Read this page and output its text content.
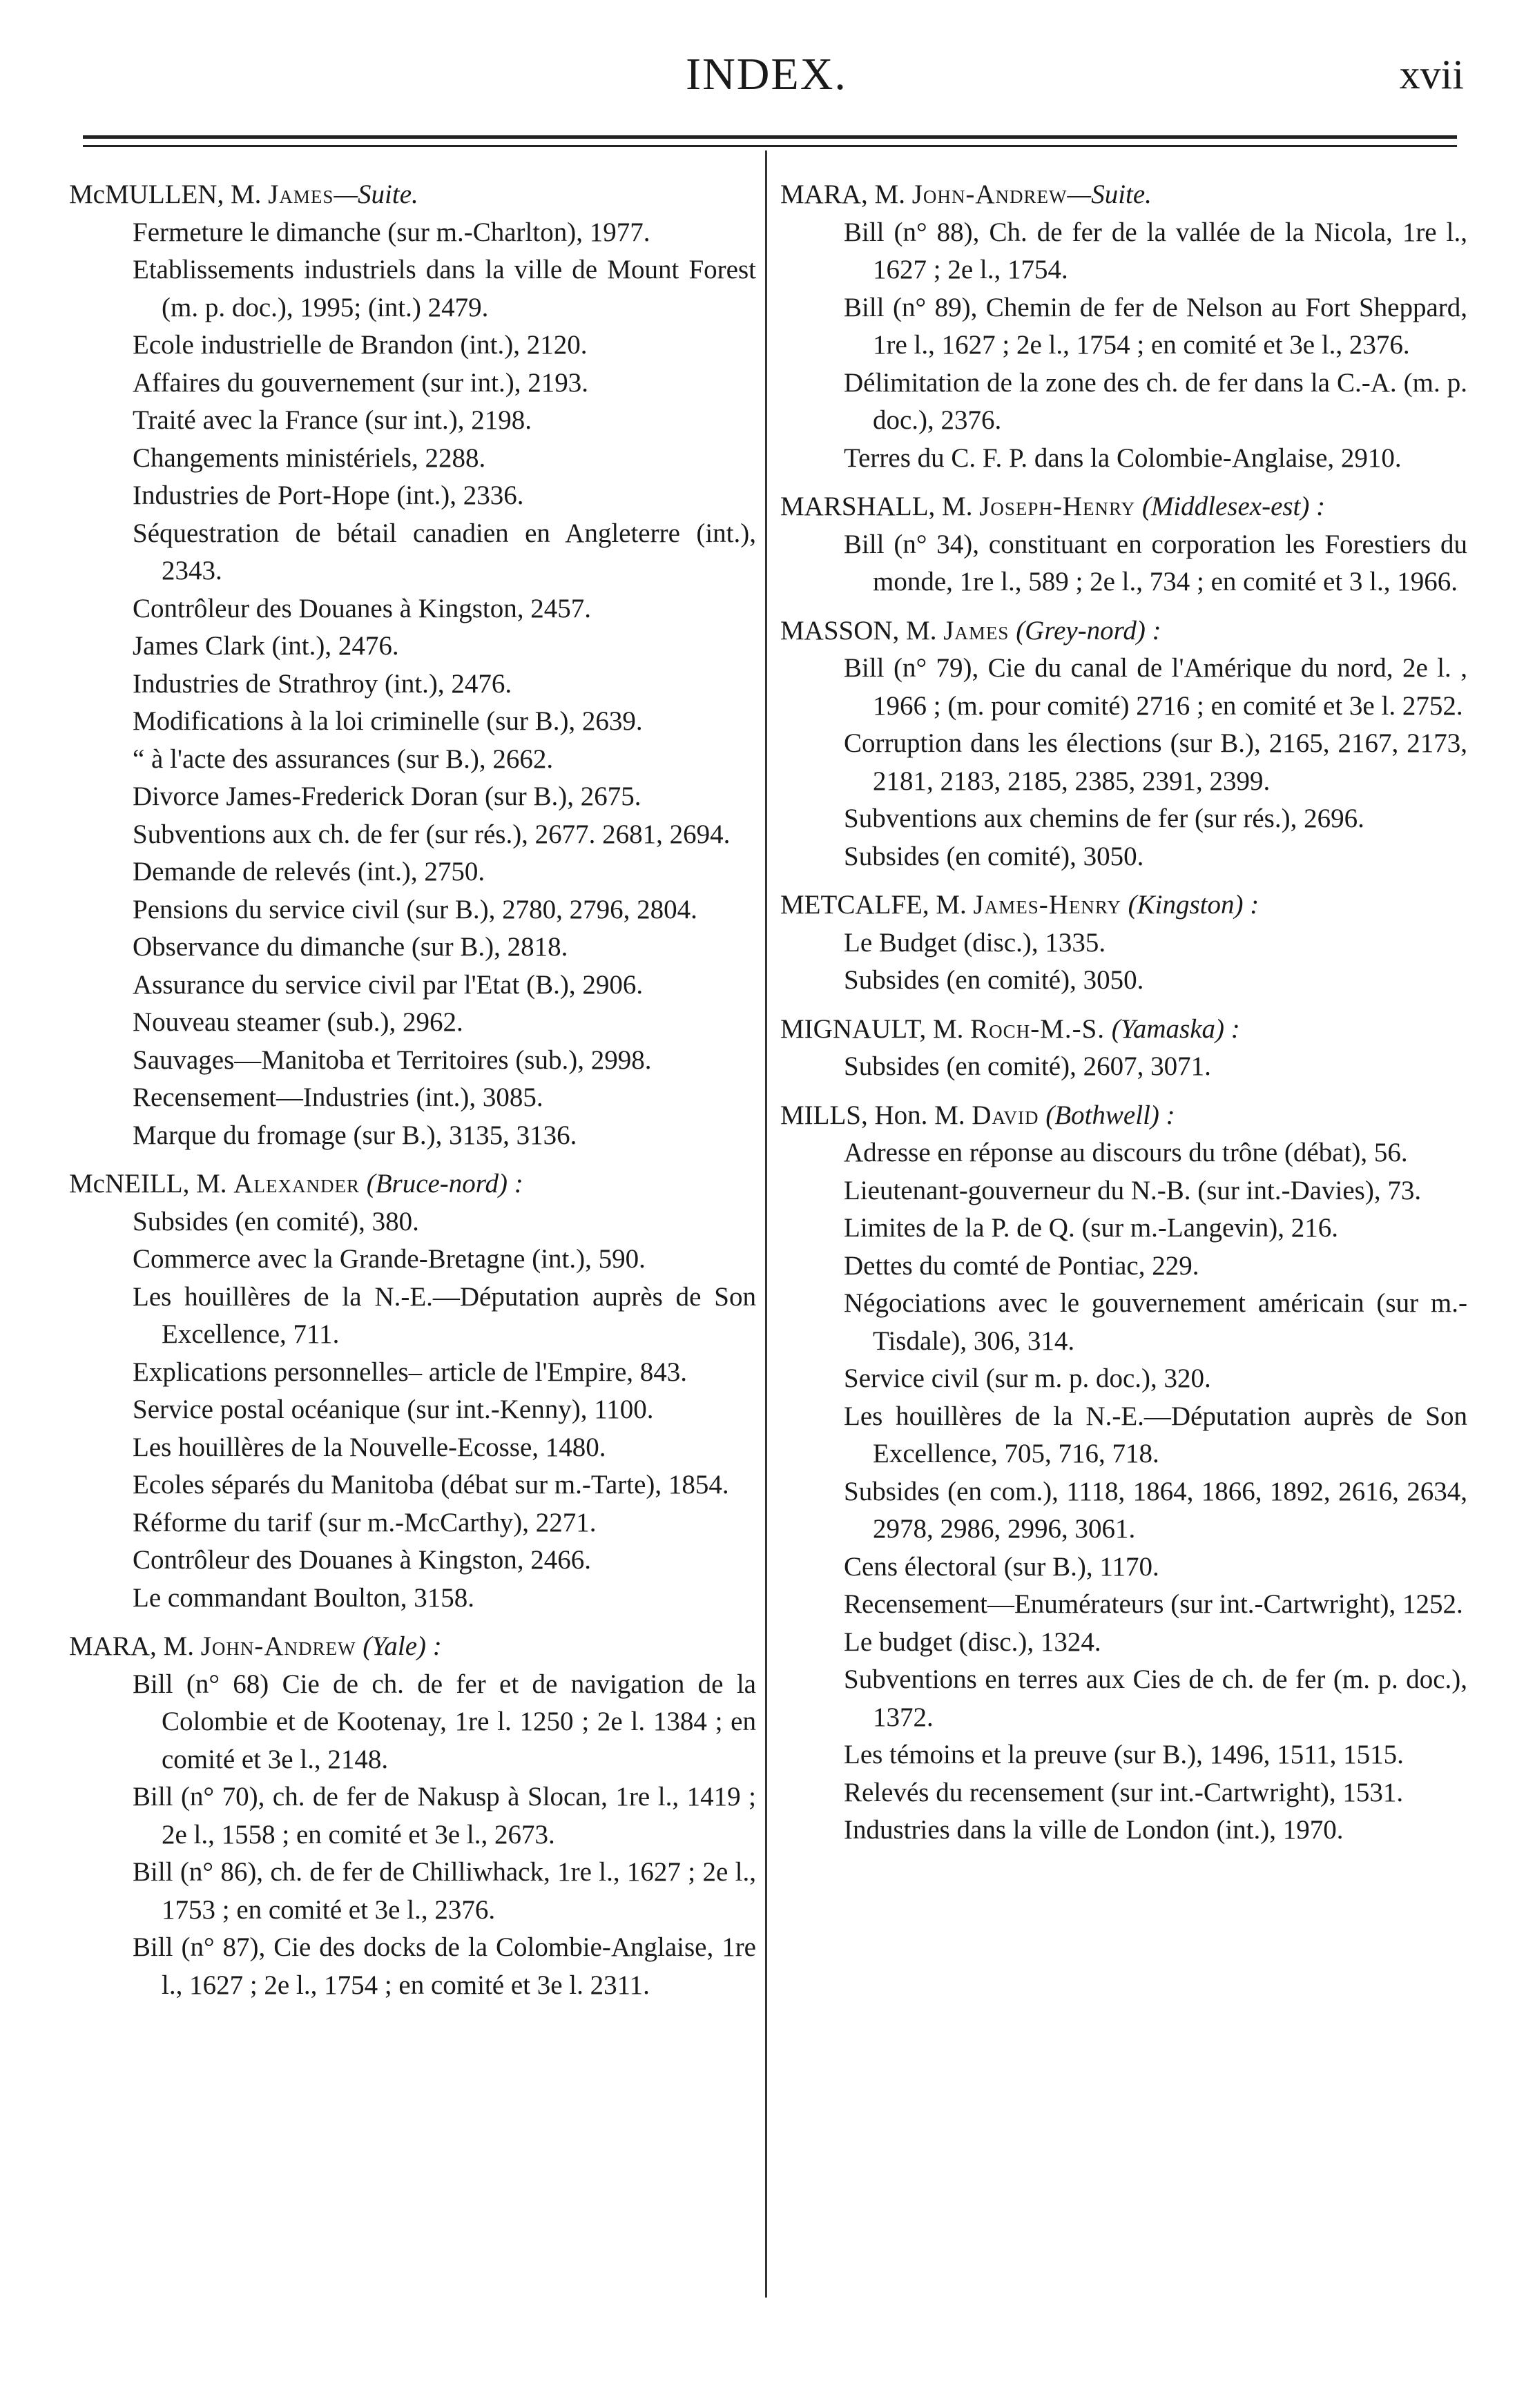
INDEX.	xvii

McMULLEN, M. James—Suite.

Fermeture le dimanche (sur m.-Charlton), 1977.
Etablissements industriels dans la ville de Mount Forest (m. p. doc.), 1995; (int.) 2479.
Ecole industrielle de Brandon (int.), 2120.
Affaires du gouvernement (sur int.), 2193.
Traité avec la France (sur int.), 2198.
Changements ministériels, 2288.
Industries de Port-Hope (int.), 2336.
Séquestration de bétail canadien en Angleterre (int.), 2343.
Contrôleur des Douanes à Kingston, 2457.
James Clark (int.), 2476.
Industries de Strathroy (int.), 2476.
Modifications à la loi criminelle (sur B.), 2639.
“ à l'acte des assurances (sur B.), 2662.
Divorce James-Frederick Doran (sur B.), 2675.
Subventions aux ch. de fer (sur rés.), 2677. 2681, 2694.
Demande de relevés (int.), 2750.
Pensions du service civil (sur B.), 2780, 2796, 2804.
Observance du dimanche (sur B.), 2818.
Assurance du service civil par l'Etat (B.), 2906.
Nouveau steamer (sub.), 2962.
Sauvages—Manitoba et Territoires (sub.), 2998.
Recensement—Industries (int.), 3085.
Marque du fromage (sur B.), 3135, 3136.

McNEILL, M. Alexander (Bruce-nord) :

Subsides (en comité), 380.
Commerce avec la Grande-Bretagne (int.), 590.
Les houillères de la N.-E.—Députation auprès de Son Excellence, 711.
Explications personnelles– article de l'Empire, 843.
Service postal océanique (sur int.-Kenny), 1100.
Les houillères de la Nouvelle-Ecosse, 1480.
Ecoles séparés du Manitoba (débat sur m.-Tarte), 1854.
Réforme du tarif (sur m.-McCarthy), 2271.
Contrôleur des Douanes à Kingston, 2466.
Le commandant Boulton, 3158.

MARA, M. John-Andrew (Yale) :

Bill (n° 68) Cie de ch. de fer et de navigation de la Colombie et de Kootenay, 1re l. 1250 ; 2e l. 1384 ; en comité et 3e l., 2148.
Bill (n° 70), ch. de fer de Nakusp à Slocan, 1re l., 1419 ; 2e l., 1558 ; en comité et 3e l., 2673.
Bill (n° 86), ch. de fer de Chilliwhack, 1re l., 1627 ; 2e l., 1753 ; en comité et 3e l., 2376.
Bill (n° 87), Cie des docks de la Colombie-Anglaise, 1re l., 1627 ; 2e l., 1754 ; en comité et 3e l. 2311.

MARA, M. John-Andrew—Suite.

Bill (n° 88), Ch. de fer de la vallée de la Nicola, 1re l., 1627 ; 2e l., 1754.
Bill (n° 89), Chemin de fer de Nelson au Fort Sheppard, 1re l., 1627 ; 2e l., 1754 ; en comité et 3e l., 2376.
Délimitation de la zone des ch. de fer dans la C.-A. (m. p. doc.), 2376.
Terres du C. F. P. dans la Colombie-Anglaise, 2910.

MARSHALL, M. Joseph-Henry (Middlesex-est) :

Bill (n° 34), constituant en corporation les Forestiers du monde, 1re l., 589 ; 2e l., 734 ; en comité et 3 l., 1966.

MASSON, M. James (Grey-nord) :

Bill (n° 79), Cie du canal de l'Amérique du nord, 2e l. , 1966 ; (m. pour comité) 2716 ; en comité et 3e l. 2752.
Corruption dans les élections (sur B.), 2165, 2167, 2173, 2181, 2183, 2185, 2385, 2391, 2399.
Subventions aux chemins de fer (sur rés.), 2696.
Subsides (en comité), 3050.

METCALFE, M. James-Henry (Kingston) :

Le Budget (disc.), 1335.
Subsides (en comité), 3050.

MIGNAULT, M. Roch-M.-S. (Yamaska) :

Subsides (en comité), 2607, 3071.

MILLS, Hon. M. David (Bothwell) :

Adresse en réponse au discours du trône (débat), 56.
Lieutenant-gouverneur du N.-B. (sur int.-Davies), 73.
Limites de la P. de Q. (sur m.-Langevin), 216.
Dettes du comté de Pontiac, 229.
Négociations avec le gouvernement américain (sur m.-Tisdale), 306, 314.
Service civil (sur m. p. doc.), 320.
Les houillères de la N.-E.—Députation auprès de Son Excellence, 705, 716, 718.
Subsides (en com.), 1118, 1864, 1866, 1892, 2616, 2634, 2978, 2986, 2996, 3061.
Cens électoral (sur B.), 1170.
Recensement—Enumérateurs (sur int.-Cartwright), 1252.
Le budget (disc.), 1324.
Subventions en terres aux Cies de ch. de fer (m. p. doc.), 1372.
Les témoins et la preuve (sur B.), 1496, 1511, 1515.
Relevés du recensement (sur int.-Cartwright), 1531.
Industries dans la ville de London (int.), 1970.
